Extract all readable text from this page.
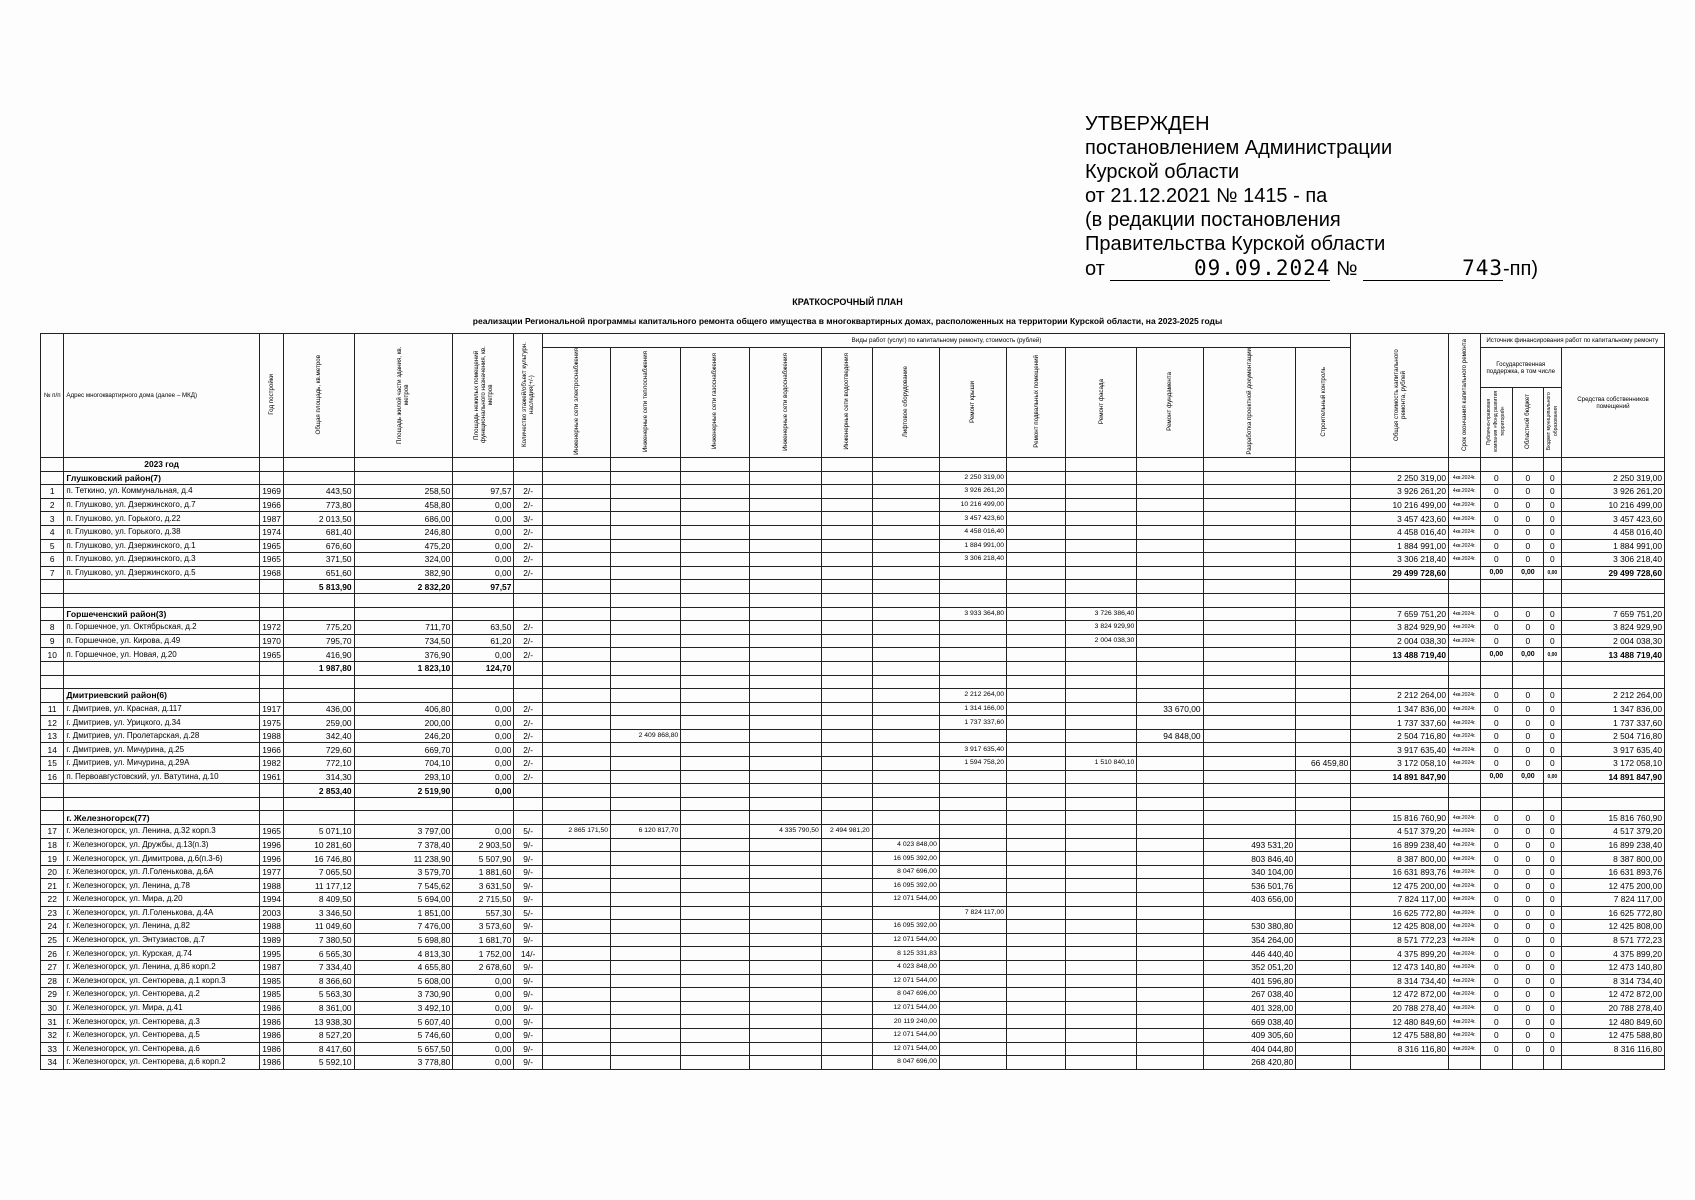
УТВЕРЖДЕН
постановлением Администрации
Курской области
от 21.12.2021 № 1415 - па
(в редакции постановления
Правительства Курской области
от	09.09.2024 №	743-пп)
КРАТКОСРОЧНЫЙ ПЛАН
реализации Региональной программы капитального ремонта общего имущества в многоквартирных домах, расположенных на территории Курской области, на 2023-2025 годы
№ п/п	Адрес многоквартирного дома (далее – МКД)	Год постройки	Общая площадь, кв.метров	Площадь жилой части здания, кв. метров	Площадь нежилых помещений функционального назначения, кв. метров	Количество этажей/объект культурн. наследия(+/-)	Виды работ (услуг) по капитальному ремонту, стоимость (рублей)												Общая стоимость капитального ремонта, рублей	Срок окончания капитального ремонта	Источник финансирования работ по капитальному ремонту			
							Инженерные сети электроснабжения	Инженерные сети теплоснабжения	Инженерные сети газоснабжения	Инженерные сети водоснабжения	Инженерные сети водоотведения	Лифтовое оборудование	Ремонт крыши	Ремонт подвальных помещений	Ремонт фасада	Ремонт фундамента	Разработка проектной документации	Строительный контроль			Государственная поддержка, в том числе			Средства собственников помещений
																					Публично-правовая компания «Фонд развития территорий»	Областной бюджет	Бюджет муниципального образования	
	2023 год																							
	Глушковский район(7)												2 250 319,00						2 250 319,00	4кв.2024г.	0	0	0	2 250 319,00
1	п. Теткино, ул. Коммунальная, д.4	1969	443,50	258,50	97,57	2/-							3 926 261,20						3 926 261,20	4кв.2024г.	0	0	0	3 926 261,20
2	п. Глушково, ул. Дзержинского, д.7	1966	773,80	458,80	0,00	2/-							10 216 499,00						10 216 499,00	4кв.2024г.	0	0	0	10 216 499,00
3	п. Глушково, ул. Горького, д.22	1987	2 013,50	686,00	0,00	3/-							3 457 423,60						3 457 423,60	4кв.2024г.	0	0	0	3 457 423,60
4	п. Глушково, ул. Горького, д.38	1974	681,40	246,80	0,00	2/-							4 458 016,40						4 458 016,40	4кв.2024г.	0	0	0	4 458 016,40
5	п. Глушково, ул. Дзержинского, д.1	1965	676,60	475,20	0,00	2/-							1 884 991,00						1 884 991,00	4кв.2024г.	0	0	0	1 884 991,00
6	п. Глушково, ул. Дзержинского, д.3	1965	371,50	324,00	0,00	2/-							3 306 218,40						3 306 218,40	4кв.2024г.	0	0	0	3 306 218,40
7	п. Глушково, ул. Дзержинского, д.5	1968	651,60	382,90	0,00	2/-													29 499 728,60		0,00	0,00	0,00	29 499 728,60
			5 813,90	2 832,20	97,57																			

	Горшеченский район(3)												3 933 364,80		3 726 386,40				7 659 751,20	4кв.2024г.	0	0	0	7 659 751,20
8	п. Горшечное, ул. Октябрьская, д.2	1972	775,20	711,70	63,50	2/-									3 824 929,90				3 824 929,90	4кв.2024г.	0	0	0	3 824 929,90
9	п. Горшечное, ул. Кирова, д.49	1970	795,70	734,50	61,20	2/-									2 004 038,30				2 004 038,30	4кв.2024г.	0	0	0	2 004 038,30
10	п. Горшечное, ул. Новая, д.20	1965	416,90	376,90	0,00	2/-													13 488 719,40		0,00	0,00	0,00	13 488 719,40
			1 987,80	1 823,10	124,70																			

	Дмитриевский район(6)												2 212 264,00						2 212 264,00	4кв.2024г.	0	0	0	2 212 264,00
11	г. Дмитриев, ул. Красная, д.117	1917	436,00	406,80	0,00	2/-							1 314 166,00			33 670,00			1 347 836,00	4кв.2024г.	0	0	0	1 347 836,00
12	г. Дмитриев, ул. Урицкого, д.34	1975	259,00	200,00	0,00	2/-							1 737 337,60						1 737 337,60	4кв.2024г.	0	0	0	1 737 337,60
13	г. Дмитриев, ул. Пролетарская, д.28	1988	342,40	246,20	0,00	2/-		2 409 868,80								94 848,00			2 504 716,80	4кв.2024г.	0	0	0	2 504 716,80
14	г. Дмитриев, ул. Мичурина, д.25	1966	729,60	669,70	0,00	2/-							3 917 635,40						3 917 635,40	4кв.2024г.	0	0	0	3 917 635,40
15	г. Дмитриев, ул. Мичурина, д.29А	1982	772,10	704,10	0,00	2/-							1 594 758,20		1 510 840,10			66 459,80	3 172 058,10	4кв.2024г.	0	0	0	3 172 058,10
16	п. Первоавгустовский, ул. Ватутина, д.10	1961	314,30	293,10	0,00	2/-													14 891 847,90		0,00	0,00	0,00	14 891 847,90
			2 853,40	2 519,90	0,00																			

	г. Железногорск(77)																		15 816 760,90	4кв.2024г.	0	0	0	15 816 760,90
17	г. Железногорск, ул. Ленина, д.32 корп.3	1965	5 071,10	3 797,00	0,00	5/-	2 865 171,50	6 120 817,70		4 335 790,50	2 494 981,20								4 517 379,20	4кв.2024г.	0	0	0	4 517 379,20
18	г. Железногорск, ул. Дружбы, д.13(п.3)	1996	10 281,60	7 378,40	2 903,50	9/-						4 023 848,00					493 531,20		16 899 238,40	4кв.2024г.	0	0	0	16 899 238,40
19	г. Железногорск, ул. Димитрова, д.6(п.3-6)	1996	16 746,80	11 238,90	5 507,90	9/-						16 095 392,00					803 846,40		8 387 800,00	4кв.2024г.	0	0	0	8 387 800,00
20	г. Железногорск, ул. Л.Голенькова, д.6А	1977	7 065,50	3 579,70	1 881,60	9/-						8 047 696,00					340 104,00		16 631 893,76	4кв.2024г.	0	0	0	16 631 893,76
21	г. Железногорск, ул. Ленина, д.78	1988	11 177,12	7 545,62	3 631,50	9/-						16 095 392,00					536 501,76		12 475 200,00	4кв.2024г.	0	0	0	12 475 200,00
22	г. Железногорск, ул. Мира, д.20	1994	8 409,50	5 694,00	2 715,50	9/-						12 071 544,00					403 656,00		7 824 117,00	4кв.2024г.	0	0	0	7 824 117,00
23	г. Железногорск, ул. Л.Голенькова, д.4А	2003	3 346,50	1 851,00	557,30	5/-							7 824 117,00						16 625 772,80	4кв.2024г.	0	0	0	16 625 772,80
24	г. Железногорск, ул. Ленина, д.82	1988	11 049,60	7 476,00	3 573,60	9/-						16 095 392,00					530 380,80		12 425 808,00	4кв.2024г.	0	0	0	12 425 808,00
25	г. Железногорск, ул. Энтузиастов, д.7	1989	7 380,50	5 698,80	1 681,70	9/-						12 071 544,00					354 264,00		8 571 772,23	4кв.2024г.	0	0	0	8 571 772,23
26	г. Железногорск, ул. Курская, д.74	1995	6 565,30	4 813,30	1 752,00	14/-						8 125 331,83					446 440,40		4 375 899,20	4кв.2024г.	0	0	0	4 375 899,20
27	г. Железногорск, ул. Ленина, д.86 корп.2	1987	7 334,40	4 655,80	2 678,60	9/-						4 023 848,00					352 051,20		12 473 140,80	4кв.2024г.	0	0	0	12 473 140,80
28	г. Железногорск, ул. Сентюрева, д.1 корп.3	1985	8 366,60	5 608,00	0,00	9/-						12 071 544,00					401 596,80		8 314 734,40	4кв.2024г.	0	0	0	8 314 734,40
29	г. Железногорск, ул. Сентюрева, д.2	1985	5 563,30	3 730,90	0,00	9/-						8 047 696,00					267 038,40		12 472 872,00	4кв.2024г.	0	0	0	12 472 872,00
30	г. Железногорск, ул. Мира, д.41	1986	8 361,00	3 492,10	0,00	9/-						12 071 544,00					401 328,00		20 788 278,40	4кв.2024г.	0	0	0	20 788 278,40
31	г. Железногорск, ул. Сентюрева, д.3	1986	13 938,30	5 607,40	0,00	9/-						20 119 240,00					669 038,40		12 480 849,60	4кв.2024г.	0	0	0	12 480 849,60
32	г. Железногорск, ул. Сентюрева, д.5	1986	8 527,20	5 746,60	0,00	9/-						12 071 544,00					409 305,60		12 475 588,80	4кв.2024г.	0	0	0	12 475 588,80
33	г. Железногорск, ул. Сентюрева, д.6	1986	8 417,60	5 657,50	0,00	9/-						12 071 544,00					404 044,80		8 316 116,80	4кв.2024г.	0	0	0	8 316 116,80
34	г. Железногорск, ул. Сентюрева, д.6 корп.2	1986	5 592,10	3 778,80	0,00	9/-						8 047 696,00					268 420,80							
